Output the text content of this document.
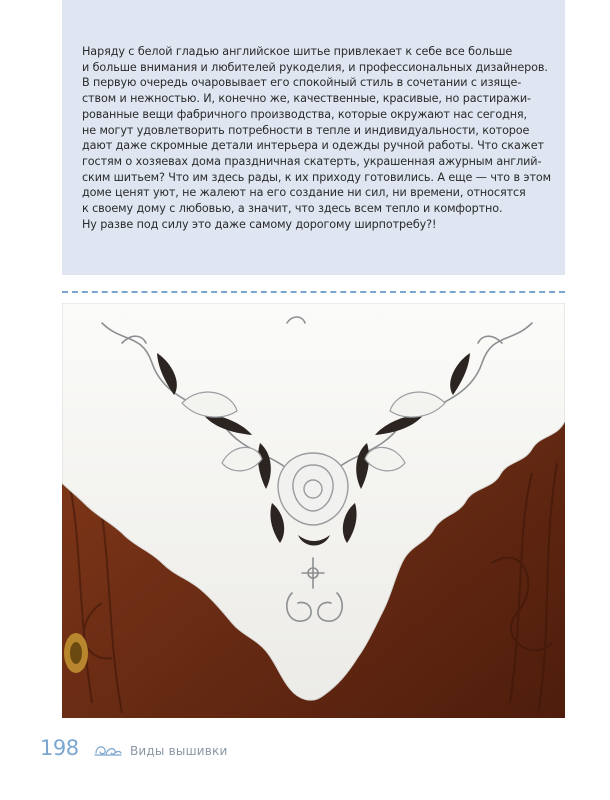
Наряду с белой гладью английское шитье привлекает к себе все больше
и больше внимания и любителей рукоделия, и профессиональных дизайнеров.
В первую очередь очаровывает его спокойный стиль в сочетании с изяще-
ством и нежностью. И, конечно же, качественные, красивые, но растиражи-
рованные вещи фабричного производства, которые окружают нас сегодня,
не могут удовлетворить потребности в тепле и индивидуальности, которое
дают даже скромные детали интерьера и одежды ручной работы. Что скажет
гостям о хозяевах дома праздничная скатерть, украшенная ажурным англий-
ским шитьем? Что им здесь рады, к их приходу готовились. А еще — что в этом
доме ценят уют, не жалеют на его создание ни сил, ни времени, относятся
к своему дому с любовью, а значит, что здесь всем тепло и комфортно.
Ну разве под силу это даже самому дорогому ширпотребу?!
198	Виды вышивки
